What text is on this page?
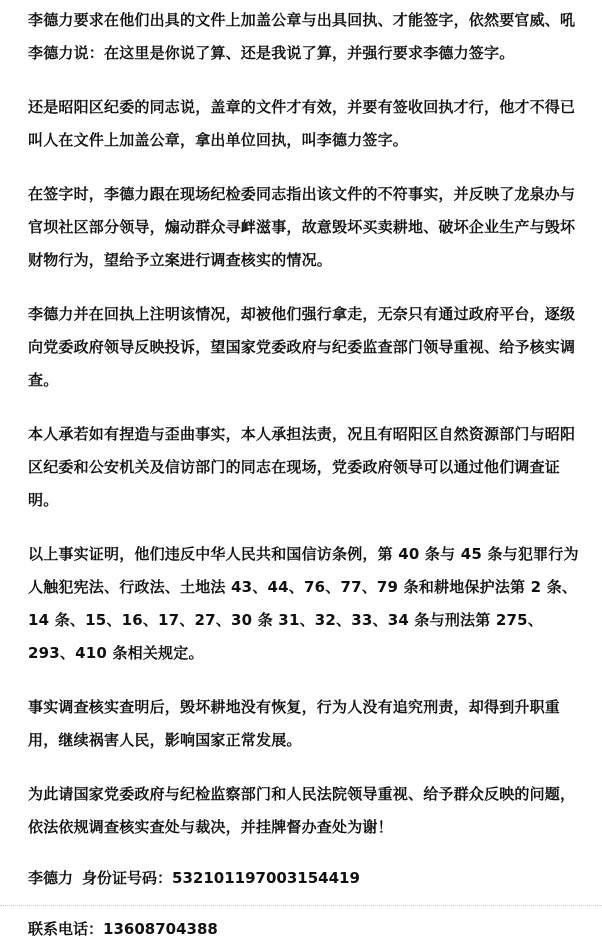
李德力要求在他们出具的文件上加盖公章与出具回执、才能签字，依然要官威、吼李德力说：在这里是你说了算、还是我说了算，并强行要求李德力签字。

还是昭阳区纪委的同志说，盖章的文件才有效，并要有签收回执才行，他才不得已叫人在文件上加盖公章，拿出单位回执，叫李德力签字。

在签字时，李德力跟在现场纪检委同志指出该文件的不符事实，并反映了龙泉办与官坝社区部分领导，煽动群众寻衅滋事，故意毁坏买卖耕地、破坏企业生产与毁坏财物行为，望给予立案进行调查核实的情况。

李德力并在回执上注明该情况，却被他们强行拿走，无奈只有通过政府平台，逐级向党委政府领导反映投诉，望国家党委政府与纪委监查部门领导重视、给予核实调查。

本人承若如有捏造与歪曲事实，本人承担法责，况且有昭阳区自然资源部门与昭阳区纪委和公安机关及信访部门的同志在现场，党委政府领导可以通过他们调查证明。

以上事实证明，他们违反中华人民共和国信访条例，第 40 条与 45 条与犯罪行为人触犯宪法、行政法、土地法 43、44、76、77、79 条和耕地保护法第 2 条、14 条、15、16、17、27、30 条 31、32、33、34 条与刑法第 275、293、410 条相关规定。

事实调查核实查明后，毁坏耕地没有恢复，行为人没有追究刑责，却得到升职重用，继续祸害人民，影响国家正常发展。

为此请国家党委政府与纪检监察部门和人民法院领导重视、给予群众反映的问题，依法依规调查核实查处与裁决，并挂牌督办查处为谢！

李德力 身份证号码：532101197003154419

联系电话：13608704388
